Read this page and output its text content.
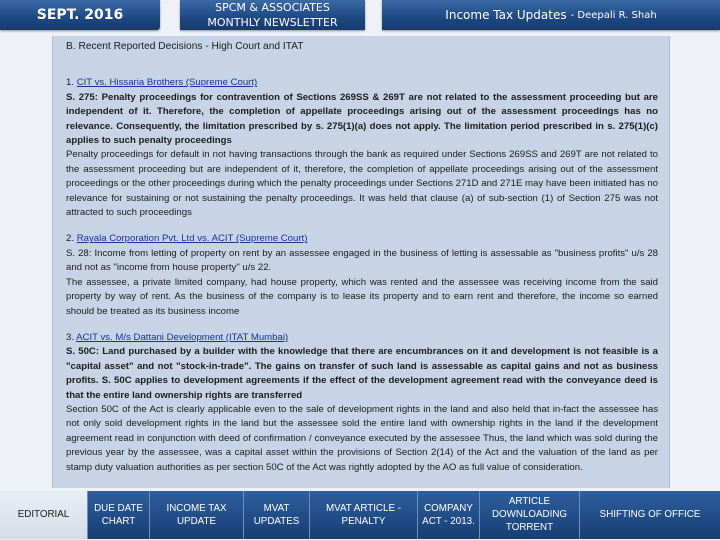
SEPT. 2016	SPCM & ASSOCIATES
MONTHLY NEWSLETTER
Income Tax Updates - Deepali R. Shah
B. Recent Reported Decisions - High Court and ITAT

1. CIT vs. Hissaria Brothers (Supreme Court)

S. 275: Penalty proceedings for contravention of Sections 269SS & 269T are not related to the assessment proceeding but are independent of it. Therefore, the completion of appellate proceedings arising out of the assessment proceedings has no relevance. Consequently, the limitation prescribed by s. 275(1)(a) does not apply. The limitation period prescribed in s. 275(1)(c) applies to such penalty proceedings

Penalty proceedings for default in not having transactions through the bank as required under Sections 269SS and 269T are not related to the assessment proceeding but are independent of it, therefore, the completion of appellate proceedings arising out of the assessment proceedings or the other proceedings during which the penalty proceedings under Sections 271D and 271E may have been initiated has no relevance for sustaining or not sustaining the penalty proceedings. It was held that clause (a) of sub-section (1) of Section 275 was not attracted to such proceedings

2. Rayala Corporation Pvt. Ltd vs. ACIT (Supreme Court)

S. 28: Income from letting of property on rent by an assessee engaged in the business of letting is assessable as "business profits" u/s 28 and not as "income from house property" u/s 22.

The assessee, a private limited company, had house property, which was rented and the assessee was receiving income from the said property by way of rent. As the business of the company is to lease its property and to earn rent and therefore, the income so earned should be treated as its business income

3. ACIT vs. M/s Dattani Development (ITAT Mumbai)

S. 50C: Land purchased by a builder with the knowledge that there are encumbrances on it and development is not feasible is a "capital asset" and not "stock-in-trade". The gains on transfer of such land is assessable as capital gains and not as business profits. S. 50C applies to development agreements if the effect of the development agreement read with the conveyance deed is that the entire land ownership rights are transferred

Section 50C of the Act is clearly applicable even to the sale of development rights in the land and also held that in-fact the assessee has not only sold development rights in the land but the assessee sold the entire land with ownership rights in the land if the development agreement read in conjunction with deed of confirmation / conveyance executed by the assessee Thus, the land which was sold during the previous year by the assessee, was a capital asset within the provisions of Section 2(14) of the Act and the valuation of the land as per stamp duty valuation authorities as per section 50C of the Act was rightly adopted by the AO as full value of consideration.

EDITORIAL
DUE DATE CHART
INCOME TAX UPDATE
MVAT UPDATES
MVAT ARTICLE - PENALTY
COMPANY ACT - 2013.
ARTICLE DOWNLOADING TORRENT
SHIFTING OF OFFICE
